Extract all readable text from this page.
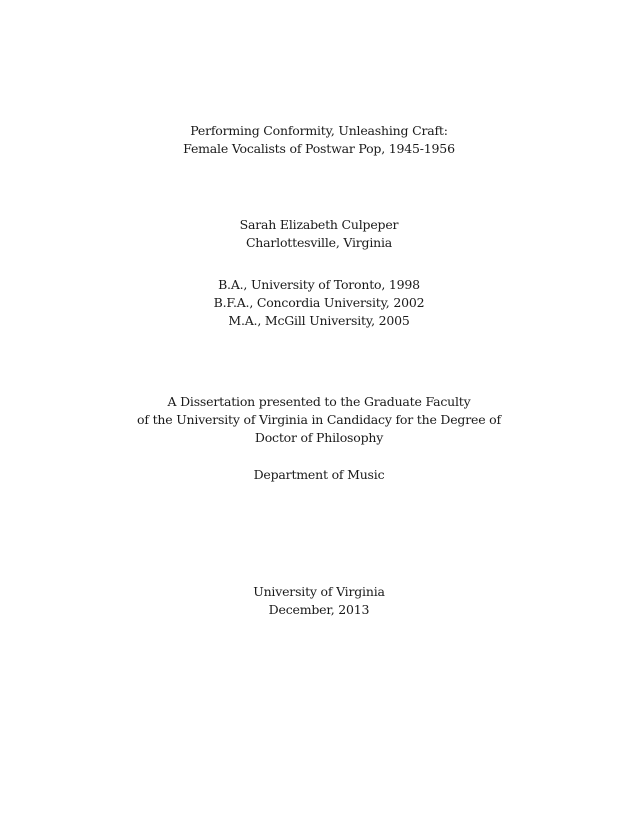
Performing Conformity, Unleashing Craft:
Female Vocalists of Postwar Pop, 1945-1956
Sarah Elizabeth Culpeper
Charlottesville, Virginia
B.A., University of Toronto, 1998
B.F.A., Concordia University, 2002
M.A., McGill University, 2005
A Dissertation presented to the Graduate Faculty
of the University of Virginia in Candidacy for the Degree of
Doctor of Philosophy
Department of Music
University of Virginia
December, 2013
